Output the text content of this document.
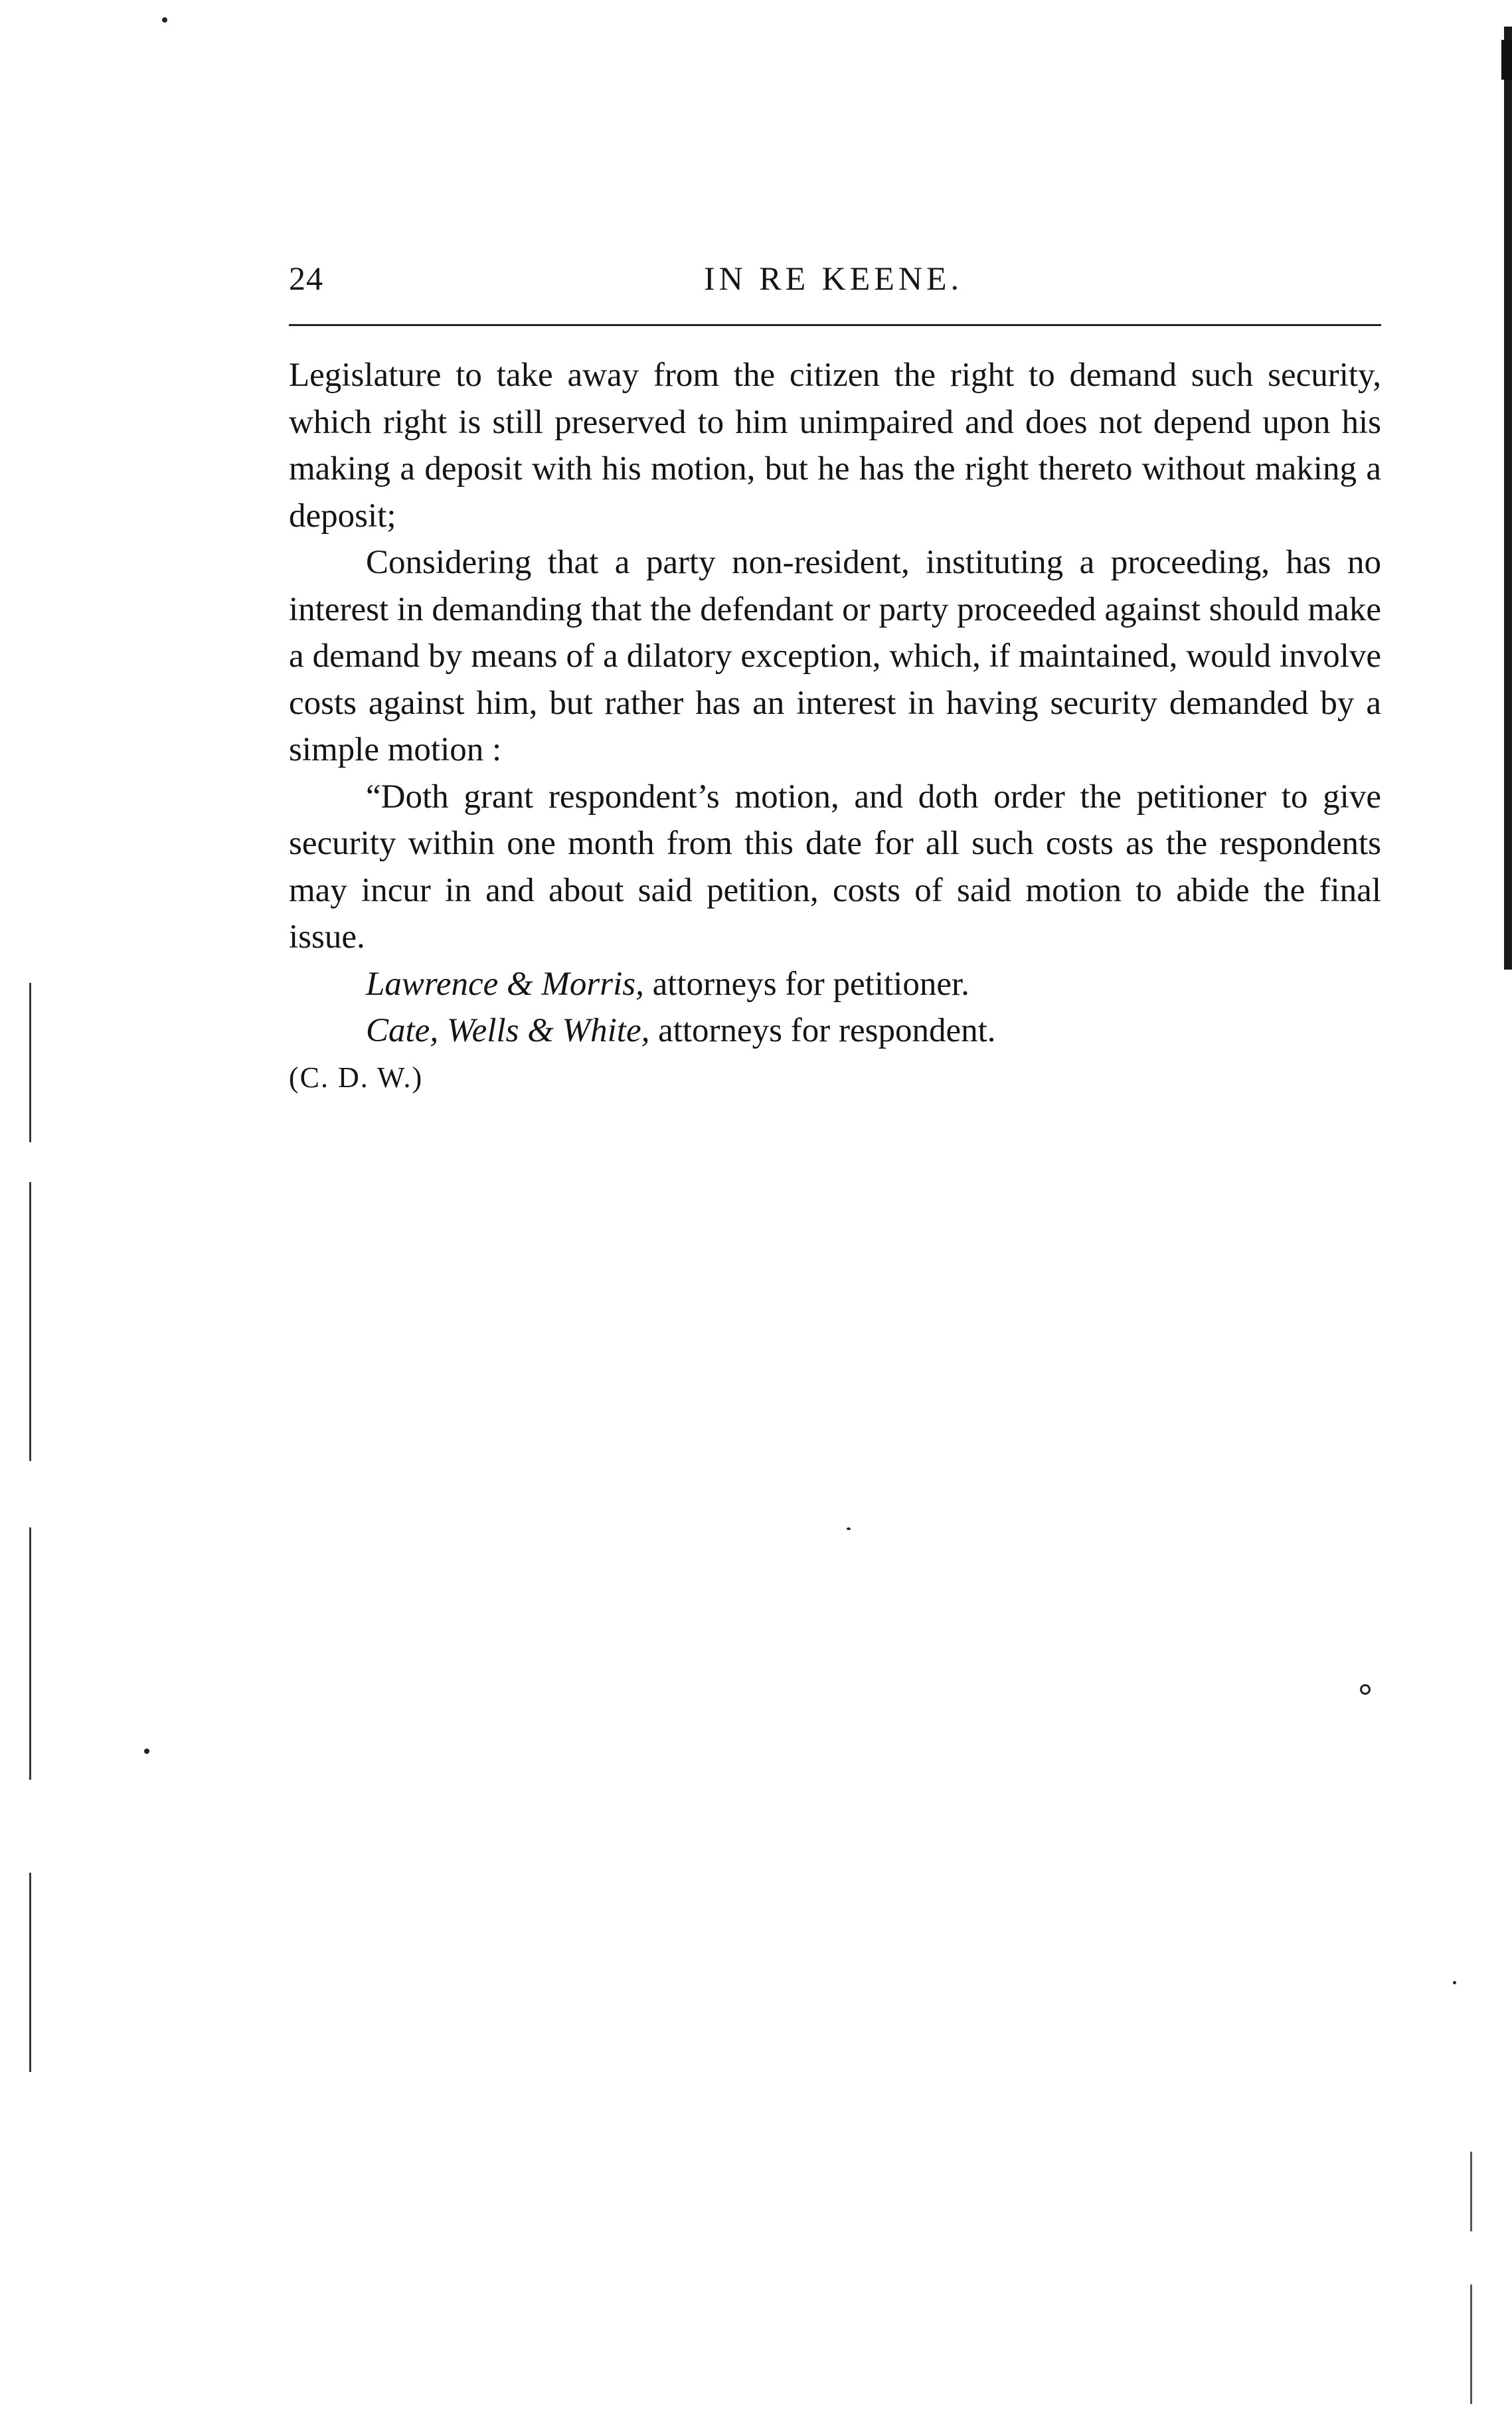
24	IN RE KEENE.

Legislature to take away from the citizen the right to demand such security, which right is still preserved to him unimpaired and does not depend upon his making a deposit with his motion, but he has the right thereto without making a deposit;

Considering that a party non-resident, instituting a proceeding, has no interest in demanding that the defendant or party proceeded against should make a demand by means of a dilatory exception, which, if maintained, would involve costs against him, but rather has an interest in having security demanded by a simple motion :

“Doth grant respondent’s motion, and doth order the petitioner to give security within one month from this date for all such costs as the respondents may incur in and about said petition, costs of said motion to abide the final issue.

Lawrence & Morris, attorneys for petitioner.

Cate, Wells & White, attorneys for respondent.

(C. D. W.)
